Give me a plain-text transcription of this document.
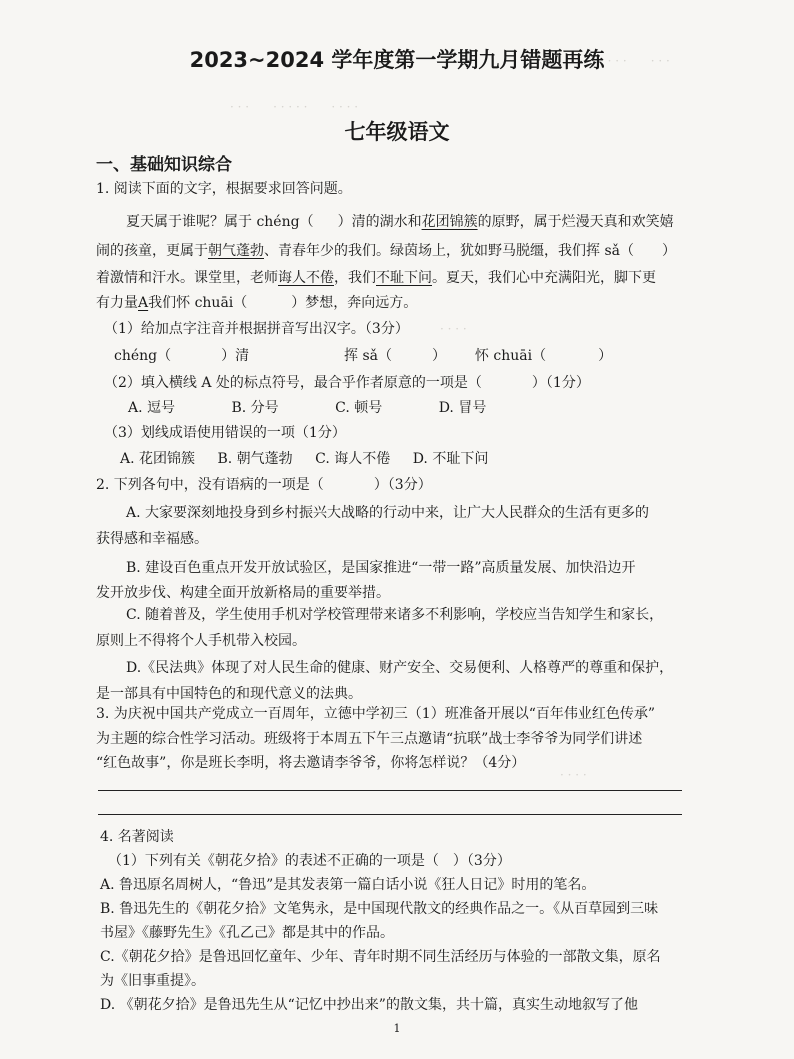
· · · ·　　· · ·
· · ·　　· · · · ·　　· · · ·
· · · ·
· · · ·
2023~2024 学年度第一学期九月错题再练
七年级语文
一、基础知识综合
1. 阅读下面的文字，根据要求回答问题。
夏天属于谁呢？属于 chéng（ ）清的湖水和花团锦簇的原野，属于烂漫天真和欢笑嬉
闹的孩童，更属于朝气蓬勃、青春年少的我们。绿茵场上，犹如野马脱缰，我们挥 sǎ（ ）
着激情和汗水。课堂里，老师诲人不倦，我们不耻下问。夏天，我们心中充满阳光，脚下更
有力量A我们怀 chuāi（	）梦想，奔向远方。
（1）给加点字注音并根据拼音写出汉字。（3分）
chéng（	）清	挥 sǎ（	） 怀 chuāi（	）
（2）填入横线 A 处的标点符号，最合乎作者原意的一项是（	）（1分）
A. 逗号	B. 分号	C. 顿号	D. 冒号
（3）划线成语使用错误的一项（1分）
A. 花团锦簇 B. 朝气蓬勃 C. 诲人不倦 D. 不耻下问
2. 下列各句中，没有语病的一项是（	）（3分）
A. 大家要深刻地投身到乡村振兴大战略的行动中来，让广大人民群众的生活有更多的
获得感和幸福感。
B. 建设百色重点开发开放试验区，是国家推进“一带一路”高质量发展、加快沿边开
发开放步伐、构建全面开放新格局的重要举措。
C. 随着普及，学生使用手机对学校管理带来诸多不利影响，学校应当告知学生和家长，
原则上不得将个人手机带入校园。
D.《民法典》体现了对人民生命的健康、财产安全、交易便利、人格尊严的尊重和保护，
是一部具有中国特色的和现代意义的法典。
3. 为庆祝中国共产党成立一百周年，立德中学初三（1）班准备开展以“百年伟业红色传承”
为主题的综合性学习活动。班级将于本周五下午三点邀请“抗联”战士李爷爷为同学们讲述
“红色故事”，你是班长李明，将去邀请李爷爷，你将怎样说？（4分）
4. 名著阅读
（1）下列有关《朝花夕拾》的表述不正确的一项是（　）（3分）
A. 鲁迅原名周树人，“鲁迅”是其发表第一篇白话小说《狂人日记》时用的笔名。
B. 鲁迅先生的《朝花夕拾》文笔隽永，是中国现代散文的经典作品之一。《从百草园到三味
书屋》《藤野先生》《孔乙己》都是其中的作品。
C.《朝花夕拾》是鲁迅回忆童年、少年、青年时期不同生活经历与体验的一部散文集，原名
为《旧事重提》。
D. 《朝花夕拾》是鲁迅先生从“记忆中抄出来”的散文集，共十篇，真实生动地叙写了他
1
